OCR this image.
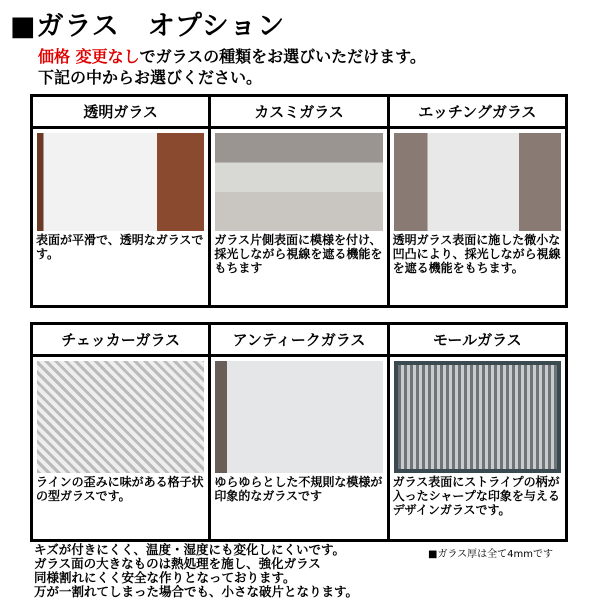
■ガラス　オプション
価格 変更なしでガラスの種類をお選びいただけます。
下記の中からお選びください。
透明ガラス
表面が平滑で、透明なガラスです。
カスミガラス
ガラス片側表面に模様を付け、採光しながら視線を遮る機能をもちます
エッチングガラス
透明ガラス表面に施した微小な凹凸により、採光しながら視線を遮る機能をもちます。
チェッカーガラス
ラインの歪みに味がある格子状の型ガラスです。
アンティークガラス
ゆらゆらとした不規則な模様が印象的なガラスです
モールガラス
ガラス表面にストライプの柄が入ったシャープな印象を与えるデザインガラスです。
キズが付きにくく、温度・湿度にも変化しにくいです。
ガラス面の大きなものは熱処理を施し、強化ガラス
同様割れにくく安全な作りとなっております。
万が一割れてしまった場合でも、小さな破片となります。
■ガラス厚は全て4mmです
